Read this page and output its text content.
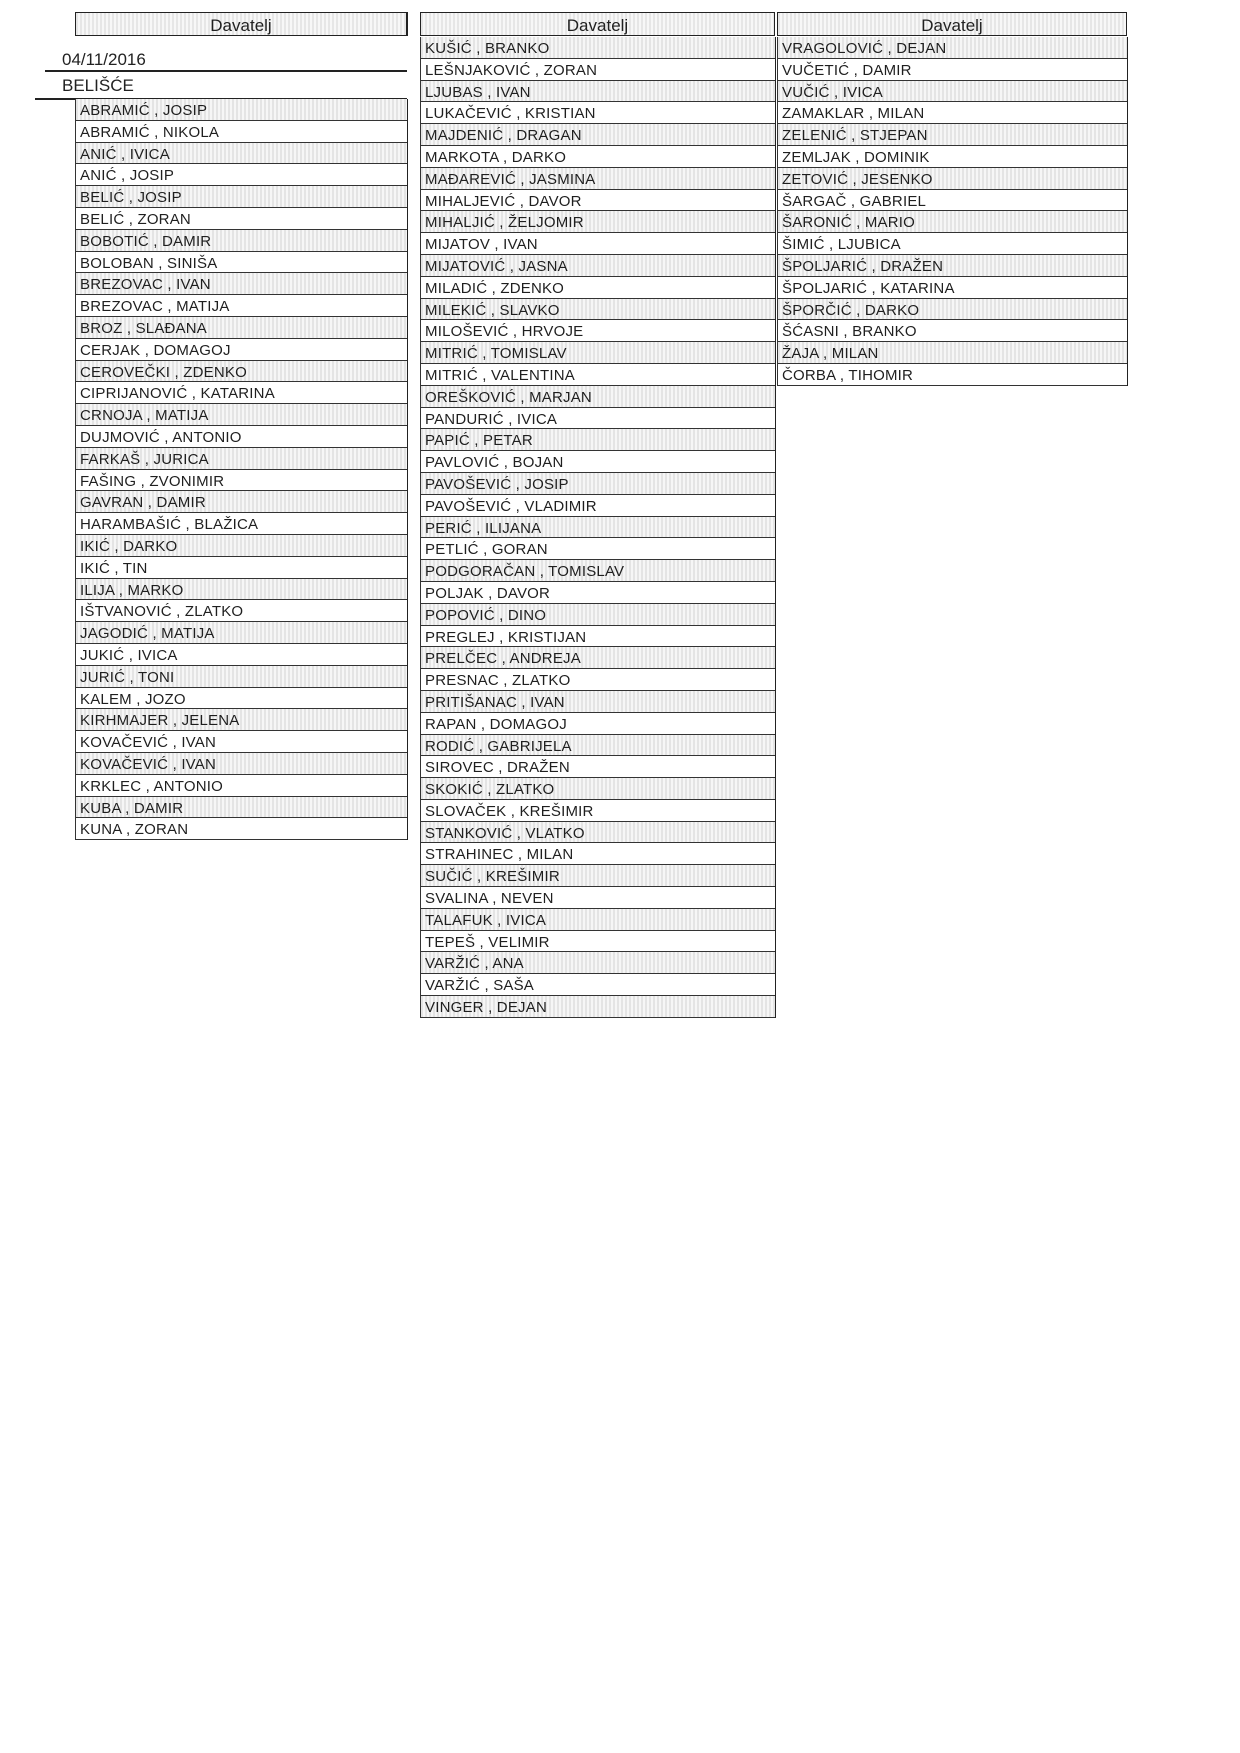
Davatelj
04/11/2016
BELIŠĆE
ABRAMIĆ , JOSIP
ABRAMIĆ , NIKOLA
ANIĆ , IVICA
ANIĆ , JOSIP
BELIĆ , JOSIP
BELIĆ , ZORAN
BOBOTIĆ , DAMIR
BOLOBAN , SINIŠA
BREZOVAC , IVAN
BREZOVAC , MATIJA
BROZ , SLAĐANA
CERJAK , DOMAGOJ
CEROVEČKI , ZDENKO
CIPRIJANOVIĆ , KATARINA
CRNOJA , MATIJA
DUJMOVIĆ , ANTONIO
FARKAŠ , JURICA
FAŠING , ZVONIMIR
GAVRAN , DAMIR
HARAMBAŠIĆ , BLAŽICA
IKIĆ , DARKO
IKIĆ , TIN
ILIJA , MARKO
IŠTVANOVIĆ , ZLATKO
JAGODIĆ , MATIJA
JUKIĆ , IVICA
JURIĆ , TONI
KALEM , JOZO
KIRHMAJER , JELENA
KOVAČEVIĆ , IVAN
KOVAČEVIĆ , IVAN
KRKLEC , ANTONIO
KUBA , DAMIR
KUNA , ZORAN
Davatelj
KUŠIĆ , BRANKO
LEŠNJAKOVIĆ , ZORAN
LJUBAS , IVAN
LUKAČEVIĆ , KRISTIAN
MAJDENIĆ , DRAGAN
MARKOTA , DARKO
MAĐAREVIĆ , JASMINA
MIHALJEVIĆ , DAVOR
MIHALJIĆ , ŽELJOMIR
MIJATOV , IVAN
MIJATOVIĆ , JASNA
MILADIĆ , ZDENKO
MILEKIĆ , SLAVKO
MILOŠEVIĆ , HRVOJE
MITRIĆ , TOMISLAV
MITRIĆ , VALENTINA
OREŠKOVIĆ , MARJAN
PANDURIĆ , IVICA
PAPIĆ , PETAR
PAVLOVIĆ , BOJAN
PAVOŠEVIĆ , JOSIP
PAVOŠEVIĆ , VLADIMIR
PERIĆ , ILIJANA
PETLIĆ , GORAN
PODGORAČAN , TOMISLAV
POLJAK , DAVOR
POPOVIĆ , DINO
PREGLEJ , KRISTIJAN
PRELČEC , ANDREJA
PRESNAC , ZLATKO
PRITIŠANAC , IVAN
RAPAN , DOMAGOJ
RODIĆ , GABRIJELA
SIROVEC , DRAŽEN
SKOKIĆ , ZLATKO
SLOVAČEK , KREŠIMIR
STANKOVIĆ , VLATKO
STRAHINEC , MILAN
SUČIĆ , KREŠIMIR
SVALINA , NEVEN
TALAFUK , IVICA
TEPEŠ , VELIMIR
VARŽIĆ , ANA
VARŽIĆ , SAŠA
VINGER , DEJAN
Davatelj
VRAGOLOVIĆ , DEJAN
VUČETIĆ , DAMIR
VUČIĆ , IVICA
ZAMAKLAR , MILAN
ZELENIĆ , STJEPAN
ZEMLJAK , DOMINIK
ZETOVIĆ , JESENKO
ŠARGAČ , GABRIEL
ŠARONIĆ , MARIO
ŠIMIĆ , LJUBICA
ŠPOLJARIĆ , DRAŽEN
ŠPOLJARIĆ , KATARINA
ŠPORČIĆ , DARKO
ŠĆASNI , BRANKO
ŽAJA , MILAN
ČORBA , TIHOMIR
